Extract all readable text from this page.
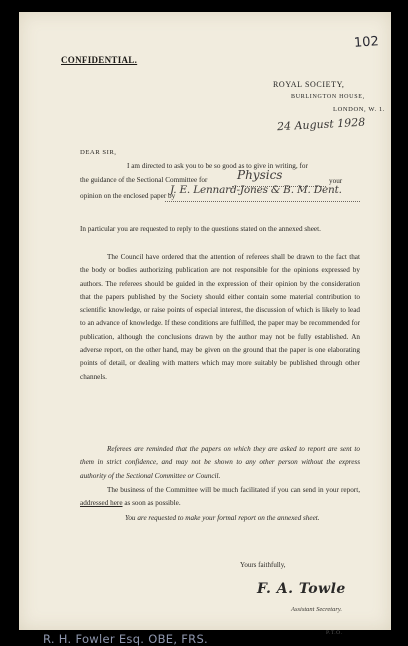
102
CONFIDENTIAL.
ROYAL SOCIETY,
BURLINGTON HOUSE,
LONDON, W. 1.
24 August 1928
DEAR SIR,
I am directed to ask you to be so good as to give in writing, for
the guidance of the Sectional Committee for Physics	your
opinion on the enclosed paper by
J. E. Lennard-Jones & B. M. Dent.
In particular you are requested to reply to the questions stated on the annexed sheet.
The Council have ordered that the attention of referees shall be drawn to the fact that the body or bodies authorizing publication are not responsible for the opinions expressed by authors. The referees should be guided in the expression of their opinion by the consideration that the papers published by the Society should either contain some material contribution to scientific knowledge, or raise points of especial interest, the discussion of which is likely to lead to an advance of knowledge. If these conditions are fulfilled, the paper may be recommended for publication, although the conclusions drawn by the author may not be fully established. An adverse report, on the other hand, may be given on the ground that the paper is one elaborating points of detail, or dealing with matters which may more suitably be published through other channels.
Referees are reminded that the papers on which they are asked to report are sent to them in strict confidence, and may not be shown to any other person without the express authority of the Sectional Committee or Council.
The business of the Committee will be much facilitated if you can send in your report, addressed here as soon as possible.
You are requested to make your formal report on the annexed sheet.
Yours faithfully,
F. A. Towle
Assistant Secretary.
P.T.O.
R. H. Fowler Esq. OBE, FRS.
